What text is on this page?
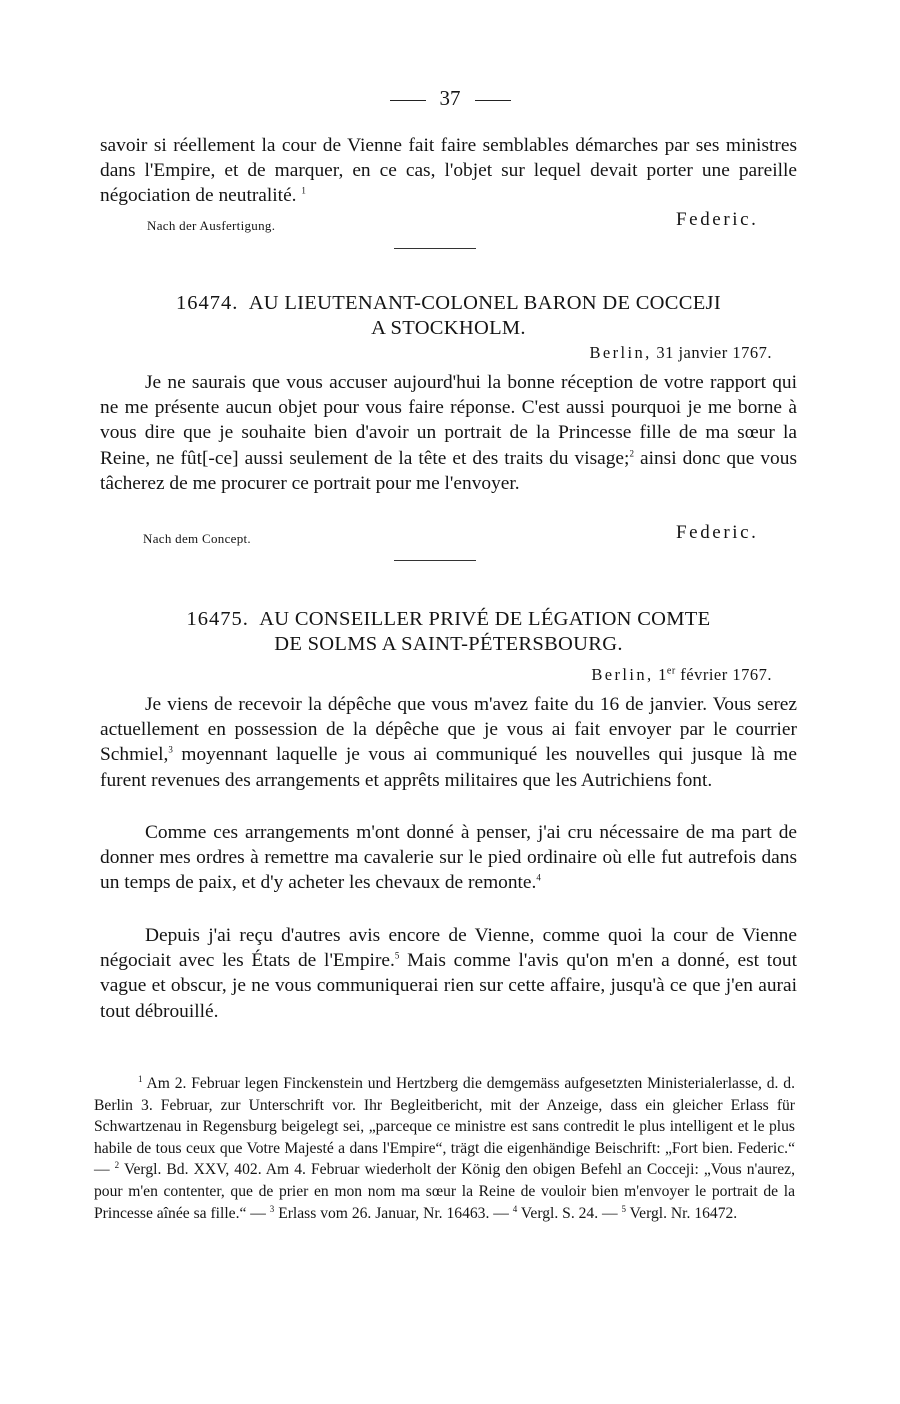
37

savoir si réellement la cour de Vienne fait faire semblables démarches par ses ministres dans l'Empire, et de marquer, en ce cas, l'objet sur lequel devait porter une pareille négociation de neutralité. $^1$

Nach der Ausfertigung.	Federic.
16474. AU LIEUTENANT-COLONEL BARON DE COCCEJI
A STOCKHOLM.
Berlin, 31 janvier 1767.

Je ne saurais que vous accuser aujourd'hui la bonne réception de votre rapport qui ne me présente aucun objet pour vous faire réponse. C'est aussi pourquoi je me borne à vous dire que je souhaite bien d'avoir un portrait de la Princesse fille de ma sœur la Reine, ne fût[-ce] aussi seulement de la tête et des traits du visage;$^2$ ainsi donc que vous tâcherez de me procurer ce portrait pour me l'envoyer.

Nach dem Concept.	Federic.
16475. AU CONSEILLER PRIVÉ DE LÉGATION COMTE
DE SOLMS A SAINT-PÉTERSBOURG.
Berlin, 1er février 1767.

Je viens de recevoir la dépêche que vous m'avez faite du 16 de janvier. Vous serez actuellement en possession de la dépêche que je vous ai fait envoyer par le courrier Schmiel,$^3$ moyennant laquelle je vous ai communiqué les nouvelles qui jusque là me furent revenues des arrangements et apprêts militaires que les Autrichiens font.

Comme ces arrangements m'ont donné à penser, j'ai cru nécessaire de ma part de donner mes ordres à remettre ma cavalerie sur le pied ordinaire où elle fut autrefois dans un temps de paix, et d'y acheter les chevaux de remonte.$^4$

Depuis j'ai reçu d'autres avis encore de Vienne, comme quoi la cour de Vienne négociait avec les États de l'Empire.$^5$ Mais comme l'avis qu'on m'en a donné, est tout vague et obscur, je ne vous communiquerai rien sur cette affaire, jusqu'à ce que j'en aurai tout débrouillé.

$^1$ Am 2. Februar legen Finckenstein und Hertzberg die demgemäss aufgesetzten Ministerialerlasse, d. d. Berlin 3. Februar, zur Unterschrift vor. Ihr Begleitbericht, mit der Anzeige, dass ein gleicher Erlass für Schwartzenau in Regensburg beigelegt sei, „parceque ce ministre est sans contredit le plus intelligent et le plus habile de tous ceux que Votre Majesté a dans l'Empire“, trägt die eigenhändige Beischrift: „Fort bien. Federic.“ — $^2$ Vergl. Bd. XXV, 402. Am 4. Februar wiederholt der König den obigen Befehl an Cocceji: „Vous n'aurez, pour m'en contenter, que de prier en mon nom ma sœur la Reine de vouloir bien m'envoyer le portrait de la Princesse aînée sa fille.“ — $^3$ Erlass vom 26. Januar, Nr. 16463. — $^4$ Vergl. S. 24. — $^5$ Vergl. Nr. 16472.
